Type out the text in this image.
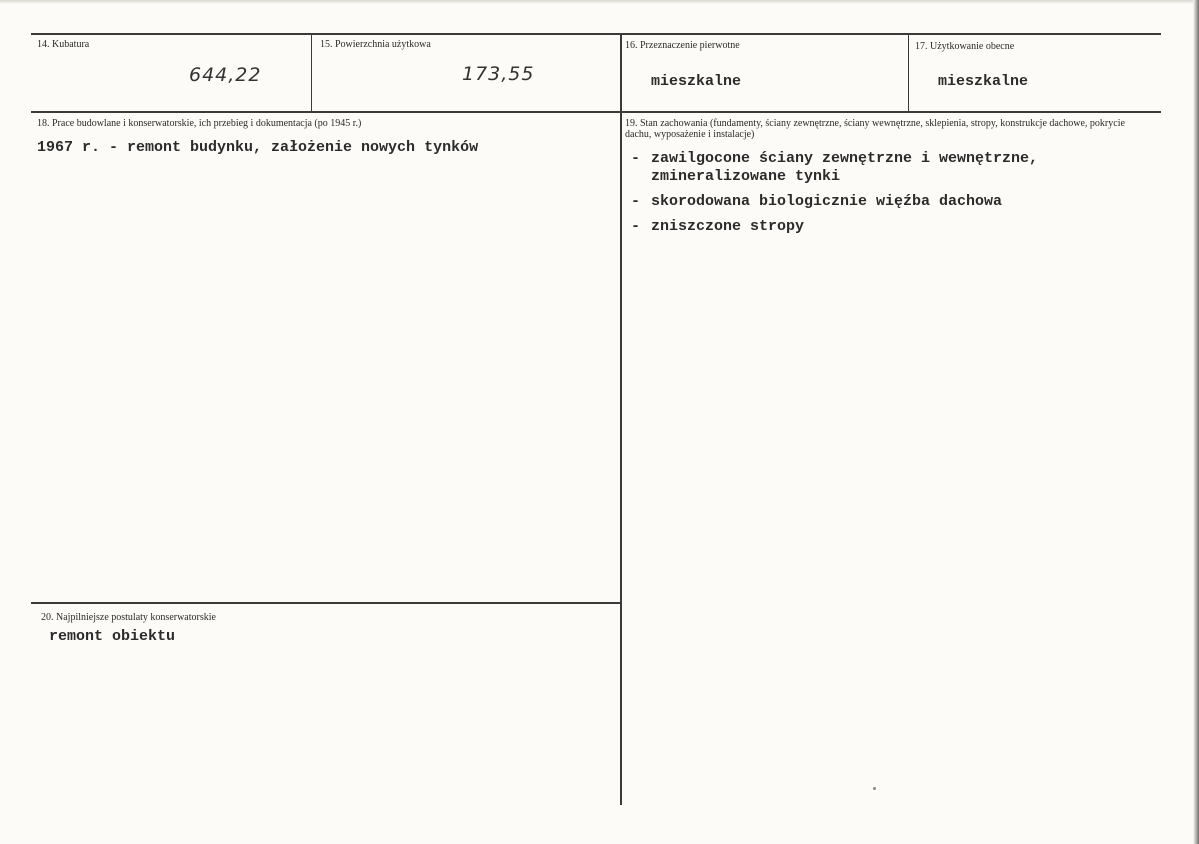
14. Kubatura
644,22
15. Powierzchnia użytkowa
173,55
16. Przeznaczenie pierwotne
mieszkalne
17. Użytkowanie obecne
mieszkalne
18. Prace budowlane i konserwatorskie, ich przebieg i dokumentacja (po 1945 r.)
1967 r. - remont budynku, założenie nowych tynków
19. Stan zachowania (fundamenty, ściany zewnętrzne, ściany wewnętrzne, sklepienia, stropy, konstrukcje dachowe, pokrycie dachu, wyposażenie i instalacje)
- zawilgocone ściany zewnętrzne i wewnętrzne,
zmineralizowane tynki
- skorodowana biologicznie więźba dachowa
- zniszczone stropy
20. Najpilniejsze postulaty konserwatorskie
remont obiektu
